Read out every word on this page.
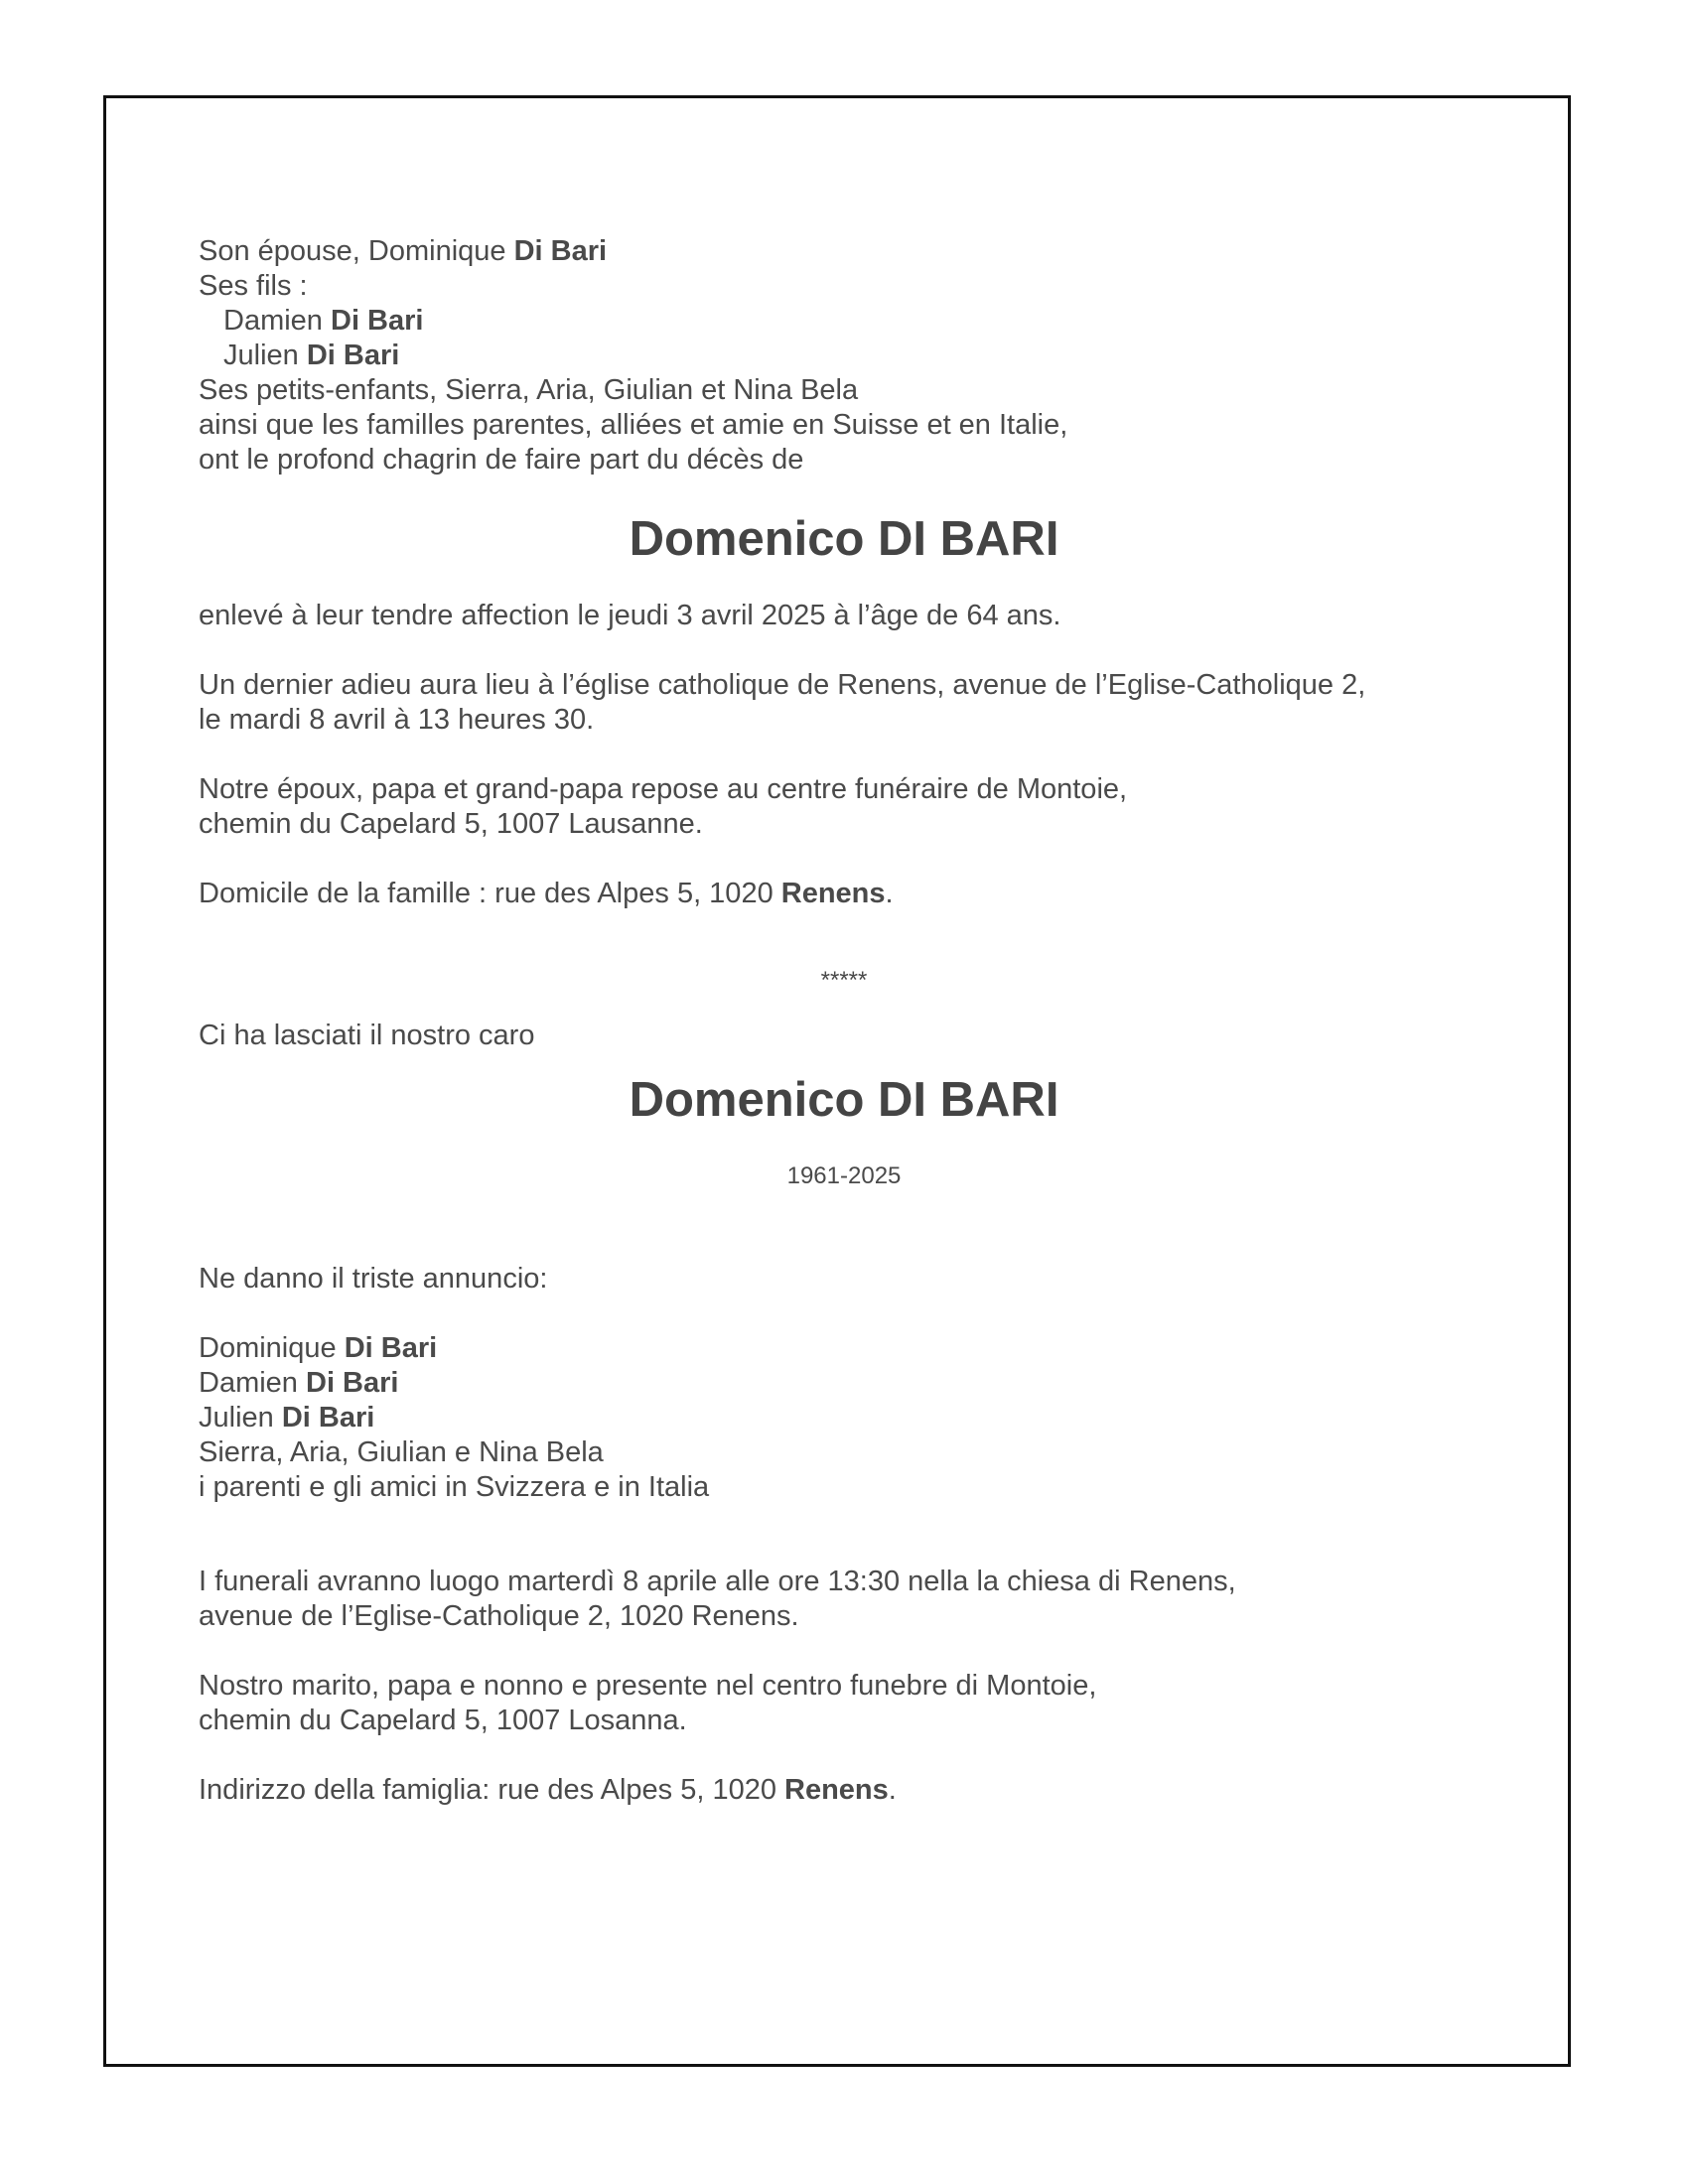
Son épouse, Dominique Di Bari
Ses fils :
Damien Di Bari
Julien Di Bari
Ses petits-enfants, Sierra, Aria, Giulian et Nina Bela
ainsi que les familles parentes, alliées et amie en Suisse et en Italie,
ont le profond chagrin de faire part du décès de
Domenico DI BARI
enlevé à leur tendre affection le jeudi 3 avril 2025 à l’âge de 64 ans.
Un dernier adieu aura lieu à l’église catholique de Renens, avenue de l’Eglise-Catholique 2,
le mardi 8 avril à 13 heures 30.
Notre époux, papa et grand-papa repose au centre funéraire de Montoie,
chemin du Capelard 5, 1007 Lausanne.
Domicile de la famille : rue des Alpes 5, 1020 Renens.
*****
Ci ha lasciati il nostro caro
Domenico DI BARI
1961-2025
Ne danno il triste annuncio:
Dominique Di Bari
Damien Di Bari
Julien Di Bari
Sierra, Aria, Giulian e Nina Bela
i parenti e gli amici in Svizzera e in Italia
I funerali avranno luogo marterdì 8 aprile alle ore 13:30 nella la chiesa di Renens,
avenue de l’Eglise-Catholique 2, 1020 Renens.
Nostro marito, papa e nonno e presente nel centro funebre di Montoie,
chemin du Capelard 5, 1007 Losanna.
Indirizzo della famiglia: rue des Alpes 5, 1020 Renens.
